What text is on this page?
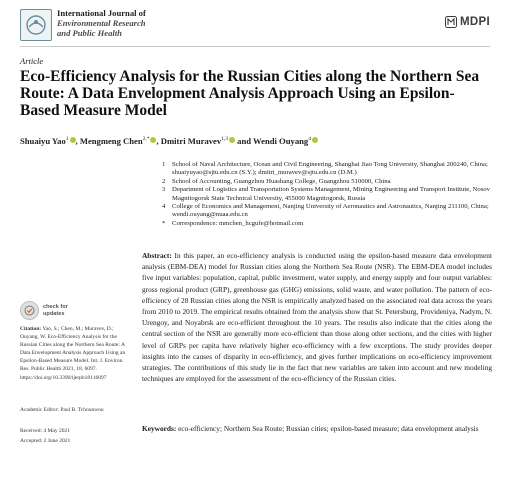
International Journal of
Environmental Research
and Public Health
MDPI
Article
Eco-Efficiency Analysis for the Russian Cities along the Northern Sea Route: A Data Envelopment Analysis Approach Using an Epsilon-Based Measure Model
Shuaiyu Yao$^1$ , Mengmeng Chen$^{2,*}$ , Dmitri Muravev$^{1,3}$ and Wendi Ouyang$^4$
1 School of Naval Architecture, Ocean and Civil Engineering, Shanghai Jiao Tong University, Shanghai 200240, China; shuaiyuyao@sjtu.edu.cn (S.Y.); dmitri_muravev@sjtu.edu.cn (D.M.)
2 School of Accounting, Guangzhou Huashang College, Guangzhou 510000, China
3 Department of Logistics and Transportation Systems Management, Mining Engineering and Transport Institute, Nosov Magnitogorsk State Technical University, 455000 Magnitogorsk, Russia
4 College of Economics and Management, Nanjing University of Aeronautics and Astronautics, Nanjing 211100, China; wendi.ouyang@nuaa.edu.cn
* Correspondence: mmchen_hcgufe@hotmail.com
check for
updates
Citation: Yao, S.; Chen, M.; Muravev, D.; Ouyang, W. Eco-Efficiency Analysis for the Russian Cities along the Northern Sea Route: A Data Envelopment Analysis Approach Using an Epsilon-Based Measure Model. Int. J. Environ. Res. Public Health 2021, 18, 6097. https://doi.org/10.3390/ijerph18116097
Academic Editor: Paul B. Tchounwou
Received: 4 May 2021
Accepted: 2 June 2021
Abstract: In this paper, an eco-efficiency analysis is conducted using the epsilon-based measure data envelopment analysis (EBM-DEA) model for Russian cities along the Northern Sea Route (NSR). The EBM-DEA model includes five input variables: population, capital, public investment, water supply, and energy supply and four output variables: gross regional product (GRP), greenhouse gas (GHG) emissions, solid waste, and water pollution. The pattern of eco-efficiency of 28 Russian cities along the NSR is empirically analyzed based on the associated real data across the years from 2010 to 2019. The empirical results obtained from the analysis show that St. Petersburg, Provideniya, Nadym, N. Urengoy, and Noyabrsk are eco-efficient throughout the 10 years. The results also indicate that the cities along the central section of the NSR are generally more eco-efficient than those along other sections, and the cities with higher level of GRPs per capita have relatively higher eco-efficiency with a few exceptions. The study provides deeper insights into the causes of disparity in eco-efficiency, and gives further implications on eco-efficiency improvement strategies. The contributions of this study lie in the fact that new variables are taken into account and new modeling techniques are employed for the assessment of the eco-efficiency of the Russian cities.
Keywords: eco-efficiency; Northern Sea Route; Russian cities; epsilon-based measure; data envelopment analysis
